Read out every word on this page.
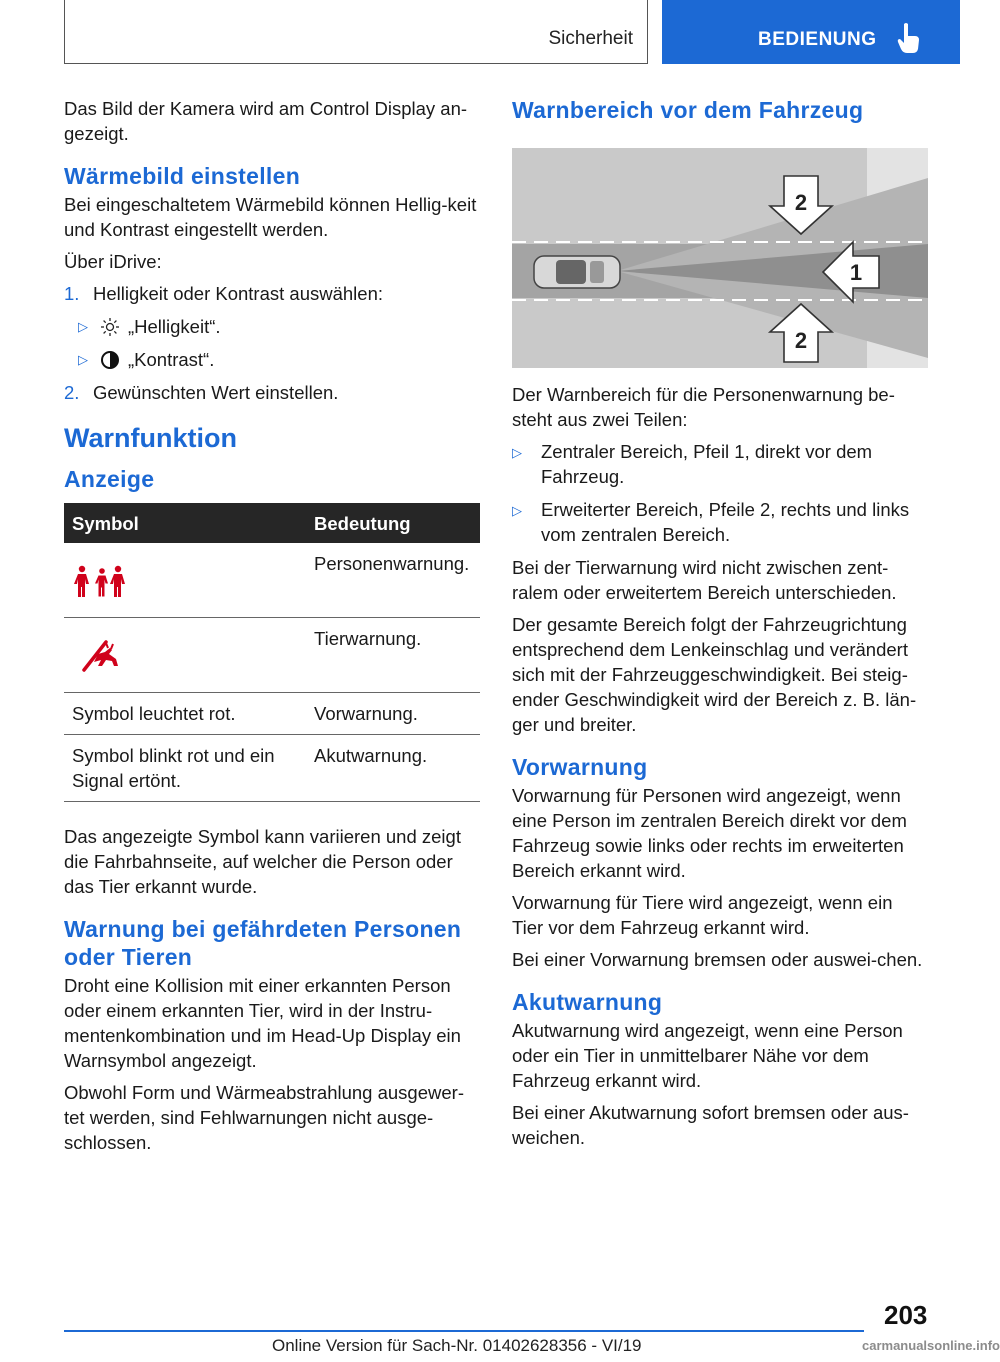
Sicherheit	BEDIENUNG

Das Bild der Kamera wird am Control Display an‐gezeigt.

Wärmebild einstellen

Bei eingeschaltetem Wärmebild können Hellig‐keit und Kontrast eingestellt werden.

Über iDrive:

1. Helligkeit oder Kontrast auswählen:
▷	„Helligkeit“.
▷	„Kontrast“.
2. Gewünschten Wert einstellen.
Warnfunktion
Anzeige
Symbol	Bedeutung
	Personenwarnung.
	Tierwarnung.
Symbol leuchtet rot.	Vorwarnung.
Symbol blinkt rot und ein Signal ertönt.	Akutwarnung.

Das angezeigte Symbol kann variieren und zeigt die Fahrbahnseite, auf welcher die Person oder das Tier erkannt wurde.

Warnung bei gefährdeten Personen oder Tieren

Droht eine Kollision mit einer erkannten Person oder einem erkannten Tier, wird in der Instru‐mentenkombination und im Head-Up Display ein Warnsymbol angezeigt.

Obwohl Form und Wärmeabstrahlung ausgewer‐tet werden, sind Fehlwarnungen nicht ausge‐schlossen.

Warnbereich vor dem Fahrzeug
2
1
2

Der Warnbereich für die Personenwarnung be‐steht aus zwei Teilen:

▷	Zentraler Bereich, Pfeil 1, direkt vor dem Fahrzeug.
▷	Erweiterter Bereich, Pfeile 2, rechts und links vom zentralen Bereich.

Bei der Tierwarnung wird nicht zwischen zent‐ralem oder erweitertem Bereich unterschieden.

Der gesamte Bereich folgt der Fahrzeugrichtung entsprechend dem Lenkeinschlag und verändert sich mit der Fahrzeuggeschwindigkeit. Bei steig‐ender Geschwindigkeit wird der Bereich z. B. län‐ger und breiter.

Vorwarnung

Vorwarnung für Personen wird angezeigt, wenn eine Person im zentralen Bereich direkt vor dem Fahrzeug sowie links oder rechts im erweiterten Bereich erkannt wird.

Vorwarnung für Tiere wird angezeigt, wenn ein Tier vor dem Fahrzeug erkannt wird.

Bei einer Vorwarnung bremsen oder auswei‐chen.

Akutwarnung

Akutwarnung wird angezeigt, wenn eine Person oder ein Tier in unmittelbarer Nähe vor dem Fahrzeug erkannt wird.

Bei einer Akutwarnung sofort bremsen oder aus‐weichen.

203
Online Version für Sach-Nr. 01402628356 - VI/19	carmanualsonline.info
